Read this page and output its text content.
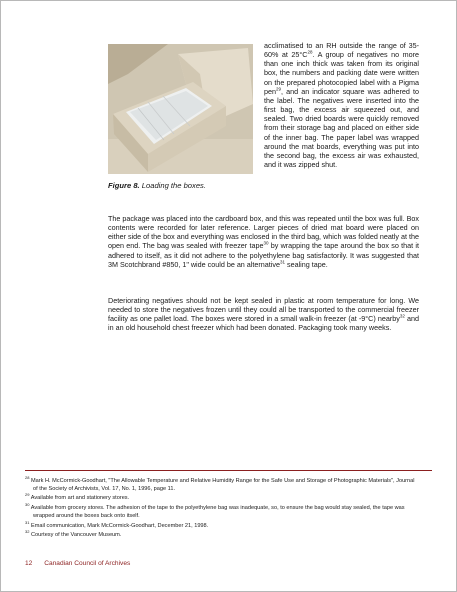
Figure 8. Loading the boxes.
acclimatised to an RH outside the range of 35-60% at $25^\circ C^{28}$. A group of negatives no more than one inch thick was taken from its original box, the numbers and packing date were written on the prepared photocopied label with a Pigma pen$^{29}$, and an indicator square was adhered to the label. The negatives were inserted into the first bag, the excess air squeezed out, and sealed. Two dried boards were quickly removed from their storage bag and placed on either side of the inner bag. The paper label was wrapped around the mat boards, everything was put into the second bag, the excess air was exhausted, and it was zipped shut.
The package was placed into the cardboard box, and this was repeated until the box was full. Box contents were recorded for later reference. Larger pieces of dried mat board were placed on either side of the box and everything was enclosed in the third bag, which was folded neatly at the open end. The bag was sealed with freezer tape$^{30}$ by wrapping the tape around the box so that it adhered to itself, as it did not adhere to the polyethylene bag satisfactorily. It was suggested that 3M Scotchbrand #850, 1" wide could be an alternative$^{31}$ sealing tape.
Deteriorating negatives should not be kept sealed in plastic at room temperature for long. We needed to store the negatives frozen until they could all be transported to the commercial freezer facility as one pallet load. The boxes were stored in a small walk-in freezer (at -9°C) nearby$^{32}$ and in an old household chest freezer which had been donated. Packaging took many weeks.
$^{28}$ Mark H. McCormick-Goodhart, "The Allowable Temperature and Relative Humidity Range for the Safe Use and Storage of Photographic Materials", Journal of the Society of Archivists, Vol. 17, No. 1, 1996, page 11.
$^{29}$ Available from art and stationery stores.
$^{30}$ Available from grocery stores. The adhesion of the tape to the polyethylene bag was inadequate, so, to ensure the bag would stay sealed, the tape was wrapped around the boxes back onto itself.
$^{31}$ Email communication, Mark McCormick-Goodhart, December 21, 1998.
$^{32}$ Courtesy of the Vancouver Museum.
12 Canadian Council of Archives
